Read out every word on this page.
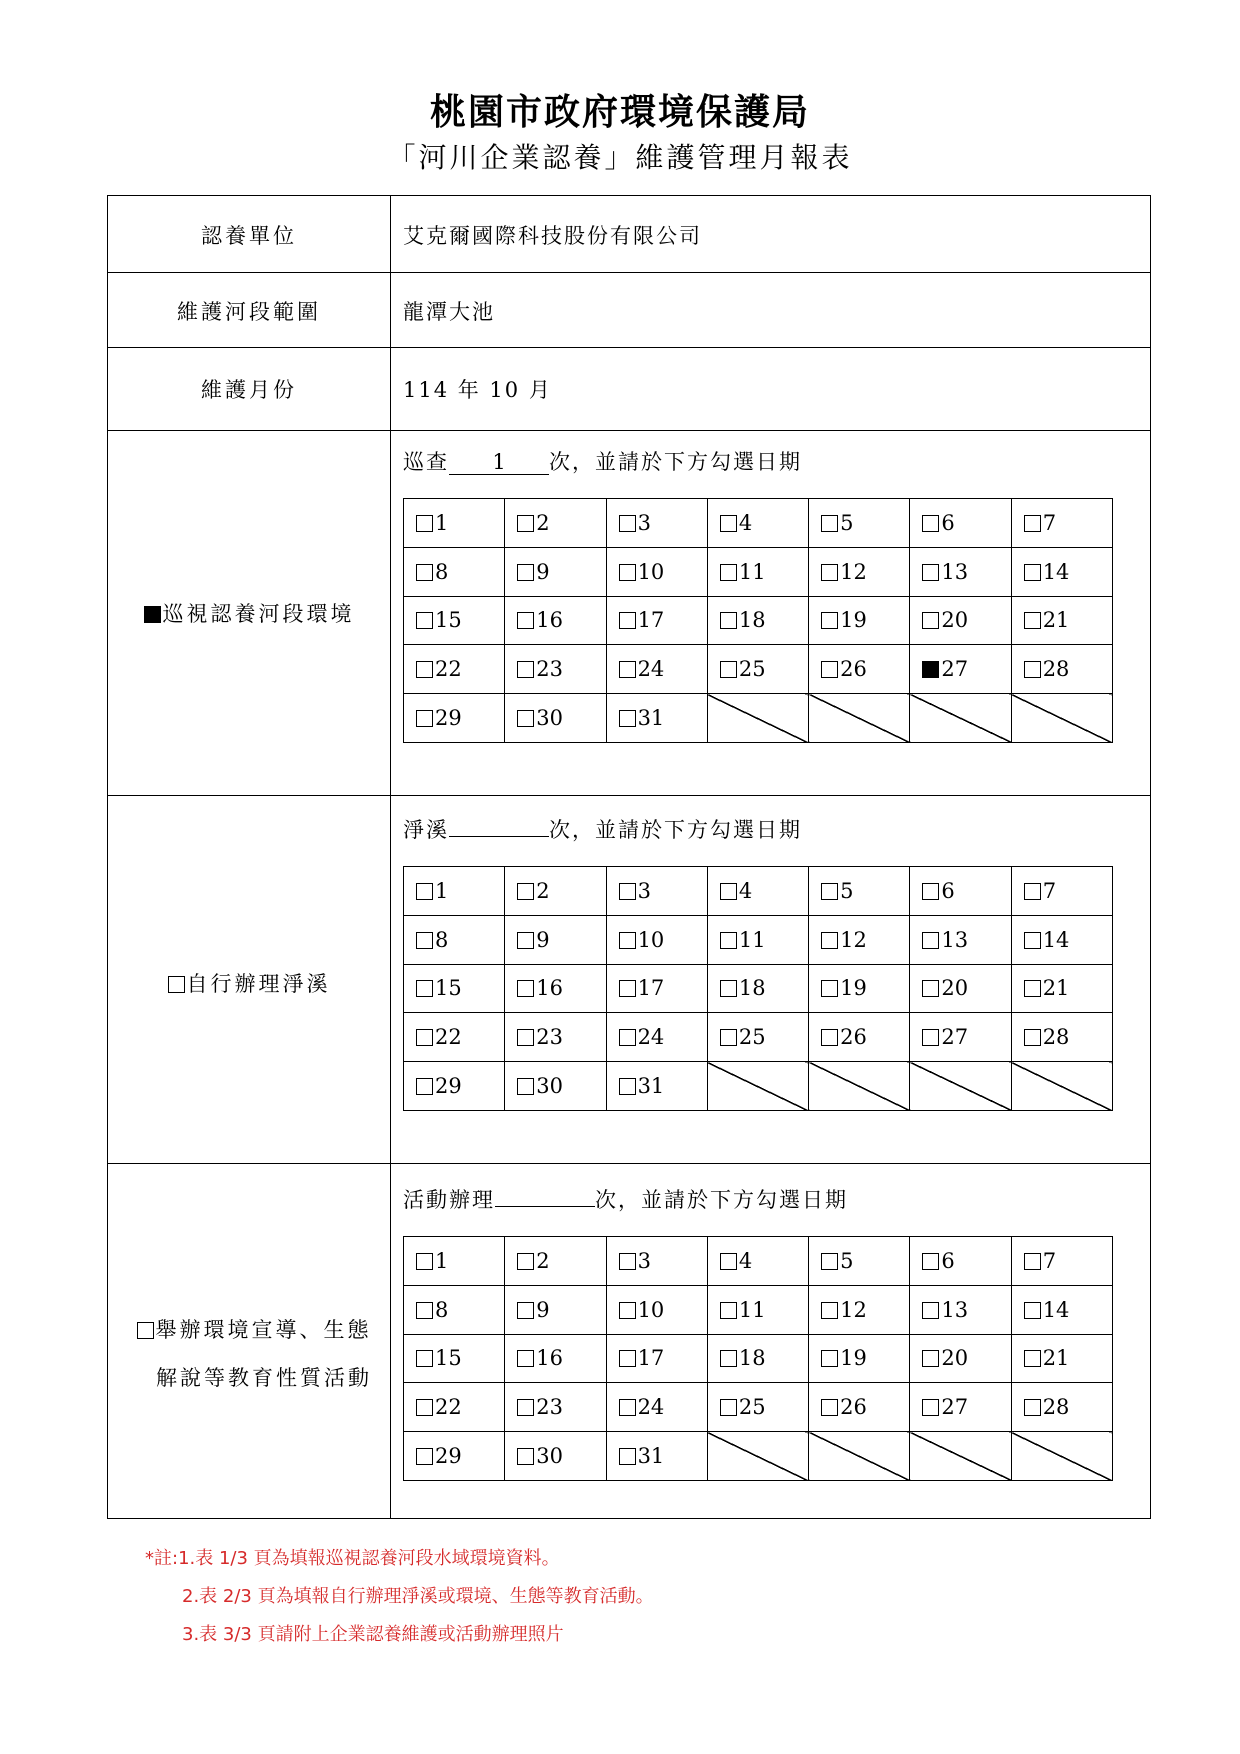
桃園市政府環境保護局
「河川企業認養」維護管理月報表
認養單位	艾克爾國際科技股份有限公司
維護河段範圍	龍潭大池
維護月份	114 年 10 月
巡視認養河段環境
巡查 1 次，並請於下方勾選日期
1	2	3	4	5	6	7
8	9	10	11	12	13	14
15	16	17	18	19	20	21
22	23	24	25	26	27	28
29	30	31				
自行辦理淨溪
淨溪	次，並請於下方勾選日期
1	2	3	4	5	6	7
8	9	10	11	12	13	14
15	16	17	18	19	20	21
22	23	24	25	26	27	28
29	30	31				
舉辦環境宣導、生態
解說等教育性質活動
活動辦理	次，並請於下方勾選日期
1	2	3	4	5	6	7
8	9	10	11	12	13	14
15	16	17	18	19	20	21
22	23	24	25	26	27	28
29	30	31				
*註:1.表 1/3 頁為填報巡視認養河段水域環境資料。
2.表 2/3 頁為填報自行辦理淨溪或環境、生態等教育活動。
3.表 3/3 頁請附上企業認養維護或活動辦理照片
